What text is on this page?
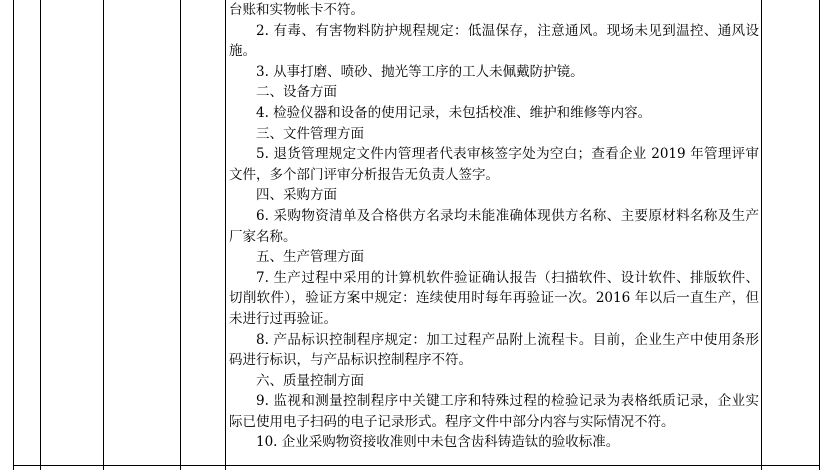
台账和实物帐卡不符。

2. 有毒、有害物料防护规程规定：低温保存，注意通风。现场未见到温控、通风设施。

3. 从事打磨、喷砂、抛光等工序的工人未佩戴防护镜。

二、设备方面

4. 检验仪器和设备的使用记录，未包括校准、维护和维修等内容。

三、文件管理方面

5. 退货管理规定文件内管理者代表审核签字处为空白；查看企业 2019 年管理评审文件，多个部门评审分析报告无负责人签字。

四、采购方面

6. 采购物资清单及合格供方名录均未能准确体现供方名称、主要原材料名称及生产厂家名称。

五、生产管理方面

7. 生产过程中采用的计算机软件验证确认报告（扫描软件、设计软件、排版软件、切削软件），验证方案中规定：连续使用时每年再验证一次。2016 年以后一直生产，但未进行过再验证。

8. 产品标识控制程序规定：加工过程产品附上流程卡。目前，企业生产中使用条形码进行标识，与产品标识控制程序不符。

六、质量控制方面

9. 监视和测量控制程序中关键工序和特殊过程的检验记录为表格纸质记录，企业实际已使用电子扫码的电子记录形式。程序文件中部分内容与实际情况不符。

10. 企业采购物资接收准则中未包含齿科铸造钛的验收标准。
